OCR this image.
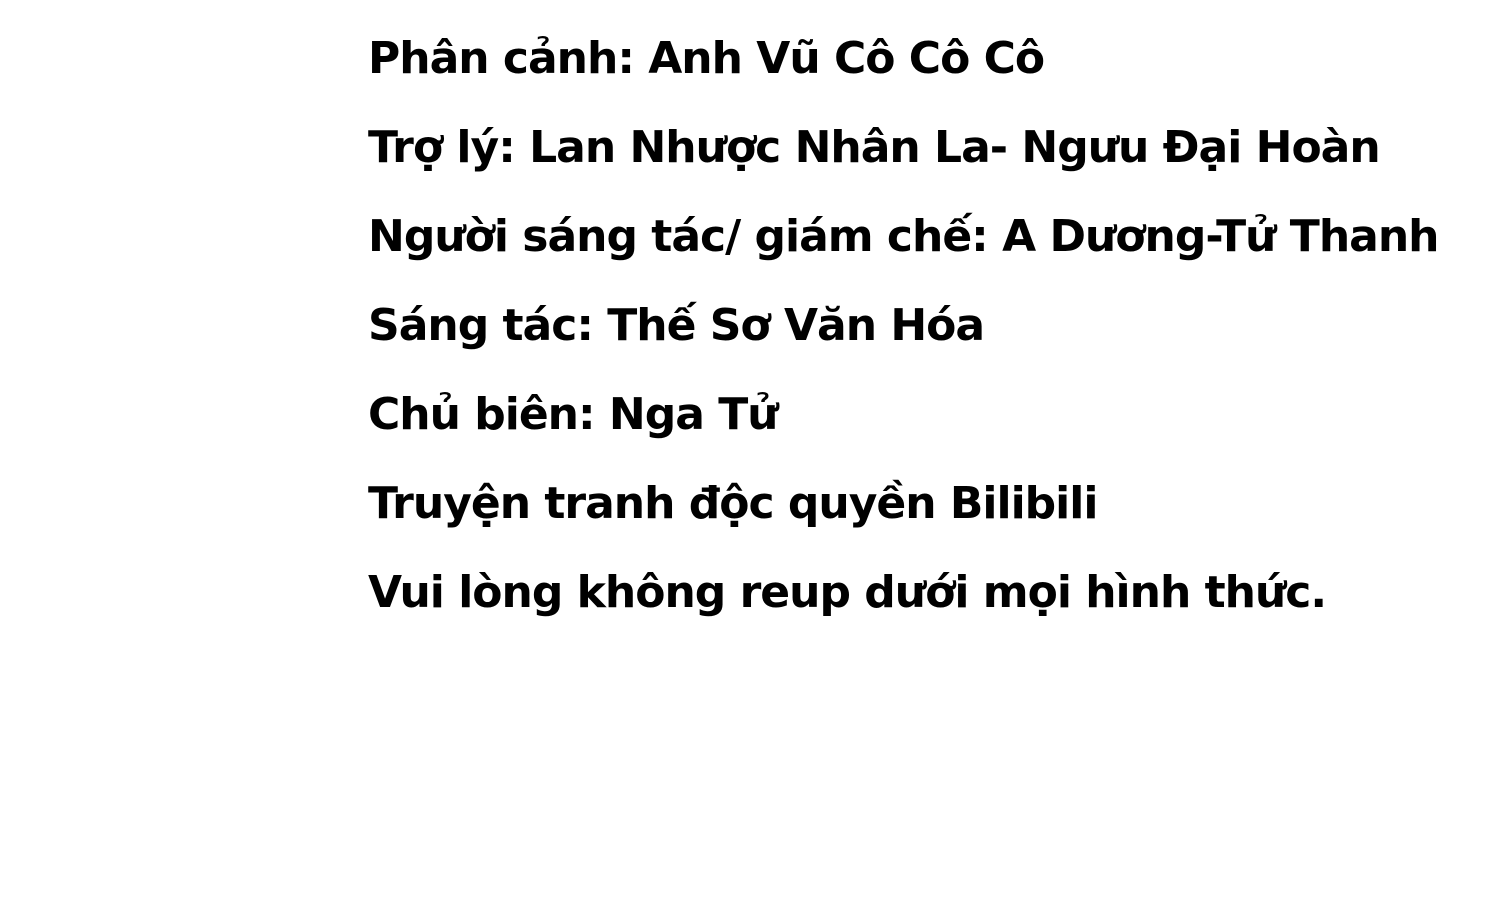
Phân cảnh: Anh Vũ Cô Cô Cô
Trợ lý: Lan Nhược Nhân La- Ngưu Đại Hoàn
Người sáng tác/ giám chế: A Dương-Tử Thanh
Sáng tác: Thế Sơ Văn Hóa
Chủ biên: Nga Tử
Truyện tranh độc quyền Bilibili
Vui lòng không reup dưới mọi hình thức.
